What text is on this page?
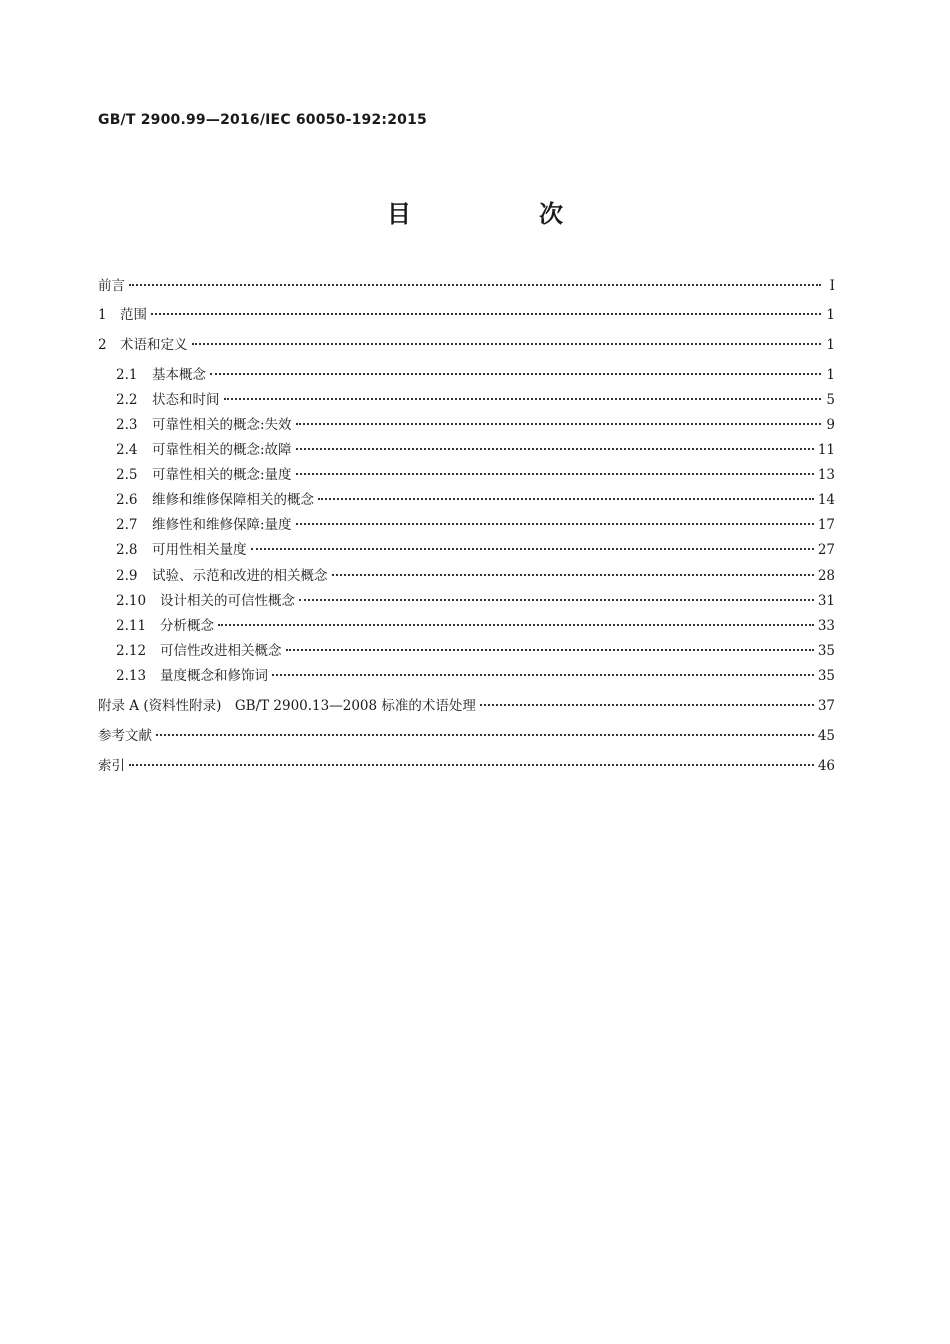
GB/T 2900.99—2016/IEC 60050-192:2015
目　次
前言	I
1 范围	1
2 术语和定义	1
2.1	基本概念	1
2.2	状态和时间	5
2.3	可靠性相关的概念:失效	9
2.4	可靠性相关的概念:故障	11
2.5	可靠性相关的概念:量度	13
2.6	维修和维修保障相关的概念	14
2.7	维修性和维修保障:量度	17
2.8	可用性相关量度	27
2.9	试验、示范和改进的相关概念	28
2.10	设计相关的可信性概念	31
2.11	分析概念	33
2.12	可信性改进相关概念	35
2.13	量度概念和修饰词	35
附录 A (资料性附录)　GB/T 2900.13—2008 标准的术语处理	37
参考文献	45
索引	46
